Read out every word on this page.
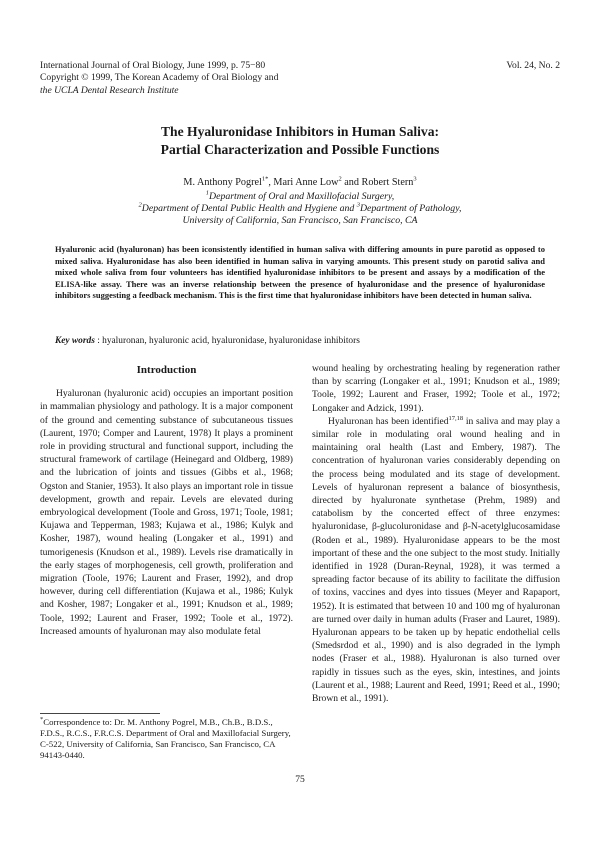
International Journal of Oral Biology, June 1999, p. 75−80
Copyright © 1999, The Korean Academy of Oral Biology and
the UCLA Dental Research Institute
Vol. 24, No. 2
The Hyaluronidase Inhibitors in Human Saliva:
Partial Characterization and Possible Functions
M. Anthony Pogrel$^{1*}$, Mari Anne Low$^2$ and Robert Stern$^3$
$^1$Department of Oral and Maxillofacial Surgery,
$^2$Department of Dental Public Health and Hygiene and $^3$Department of Pathology,
University of California, San Francisco, San Francisco, CA
Hyaluronic acid (hyaluronan) has been iconsistently identified in human saliva with differing amounts in pure parotid as opposed to mixed saliva. Hyaluronidase has also been identified in human saliva in varying amounts. This present study on parotid saliva and mixed whole saliva from four volunteers has identified hyaluronidase inhibitors to be present and assays by a modification of the ELISA-like assay. There was an inverse relationship between the presence of hyaluronidase and the presence of hyaluronidase inhibitors suggesting a feedback mechanism. This is the first time that hyaluronidase inhibitors have been detected in human saliva.
Key words : hyaluronan, hyaluronic acid, hyaluronidase, hyaluronidase inhibitors
Introduction

Hyaluronan (hyaluronic acid) occupies an important position in mammalian physiology and pathology. It is a major component of the ground and cementing substance of subcutaneous tissues (Laurent, 1970; Comper and Laurent, 1978) It plays a prominent role in providing structural and functional support, including the structural framework of cartilage (Heinegard and Oldberg, 1989) and the lubrication of joints and tissues (Gibbs et al., 1968; Ogston and Stanier, 1953). It also plays an important role in tissue development, growth and repair. Levels are elevated during embryological development (Toole and Gross, 1971; Toole, 1981; Kujawa and Tepperman, 1983; Kujawa et al., 1986; Kulyk and Kosher, 1987), wound healing (Longaker et al., 1991) and tumorigenesis (Knudson et al., 1989). Levels rise dramatically in the early stages of morphogenesis, cell growth, proliferation and migration (Toole, 1976; Laurent and Fraser, 1992), and drop however, during cell differentiation (Kujawa et al., 1986; Kulyk and Kosher, 1987; Longaker et al., 1991; Knudson et al., 1989; Toole, 1992; Laurent and Fraser, 1992; Toole et al., 1972). Increased amounts of hyaluronan may also modulate fetal

wound healing by orchestrating healing by regeneration rather than by scarring (Longaker et al., 1991; Knudson et al., 1989; Toole, 1992; Laurent and Fraser, 1992; Toole et al., 1972; Longaker and Adzick, 1991).

Hyaluronan has been identified$^{17,18}$ in saliva and may play a similar role in modulating oral wound healing and in maintaining oral health (Last and Embery, 1987). The concentration of hyaluronan varies considerably depending on the process being modulated and its stage of development. Levels of hyaluronan represent a balance of biosynthesis, directed by hyaluronate synthetase (Prehm, 1989) and catabolism by the concerted effect of three enzymes: hyaluronidase, β-glucoluronidase and β-N-acetylglucosamidase (Roden et al., 1989). Hyaluronidase appears to be the most important of these and the one subject to the most study. Initially identified in 1928 (Duran-Reynal, 1928), it was termed a spreading factor because of its ability to facilitate the diffusion of toxins, vaccines and dyes into tissues (Meyer and Rapaport, 1952). It is estimated that between 10 and 100 mg of hyaluronan are turned over daily in human adults (Fraser and Lauret, 1989). Hyaluronan appears to be taken up by hepatic endothelial cells (Smedsrdod et al., 1990) and is also degraded in the lymph nodes (Fraser et al., 1988). Hyaluronan is also turned over rapidly in tissues such as the eyes, skin, intestines, and joints (Laurent et al., 1988; Laurent and Reed, 1991; Reed et al., 1990; Brown et al., 1991).

*Correspondence to: Dr. M. Anthony Pogrel, M.B., Ch.B., B.D.S., F.D.S., R.C.S., F.R.C.S. Department of Oral and Maxillofacial Surgery, C-522, University of California, San Francisco, San Francisco, CA 94143-0440.
75
